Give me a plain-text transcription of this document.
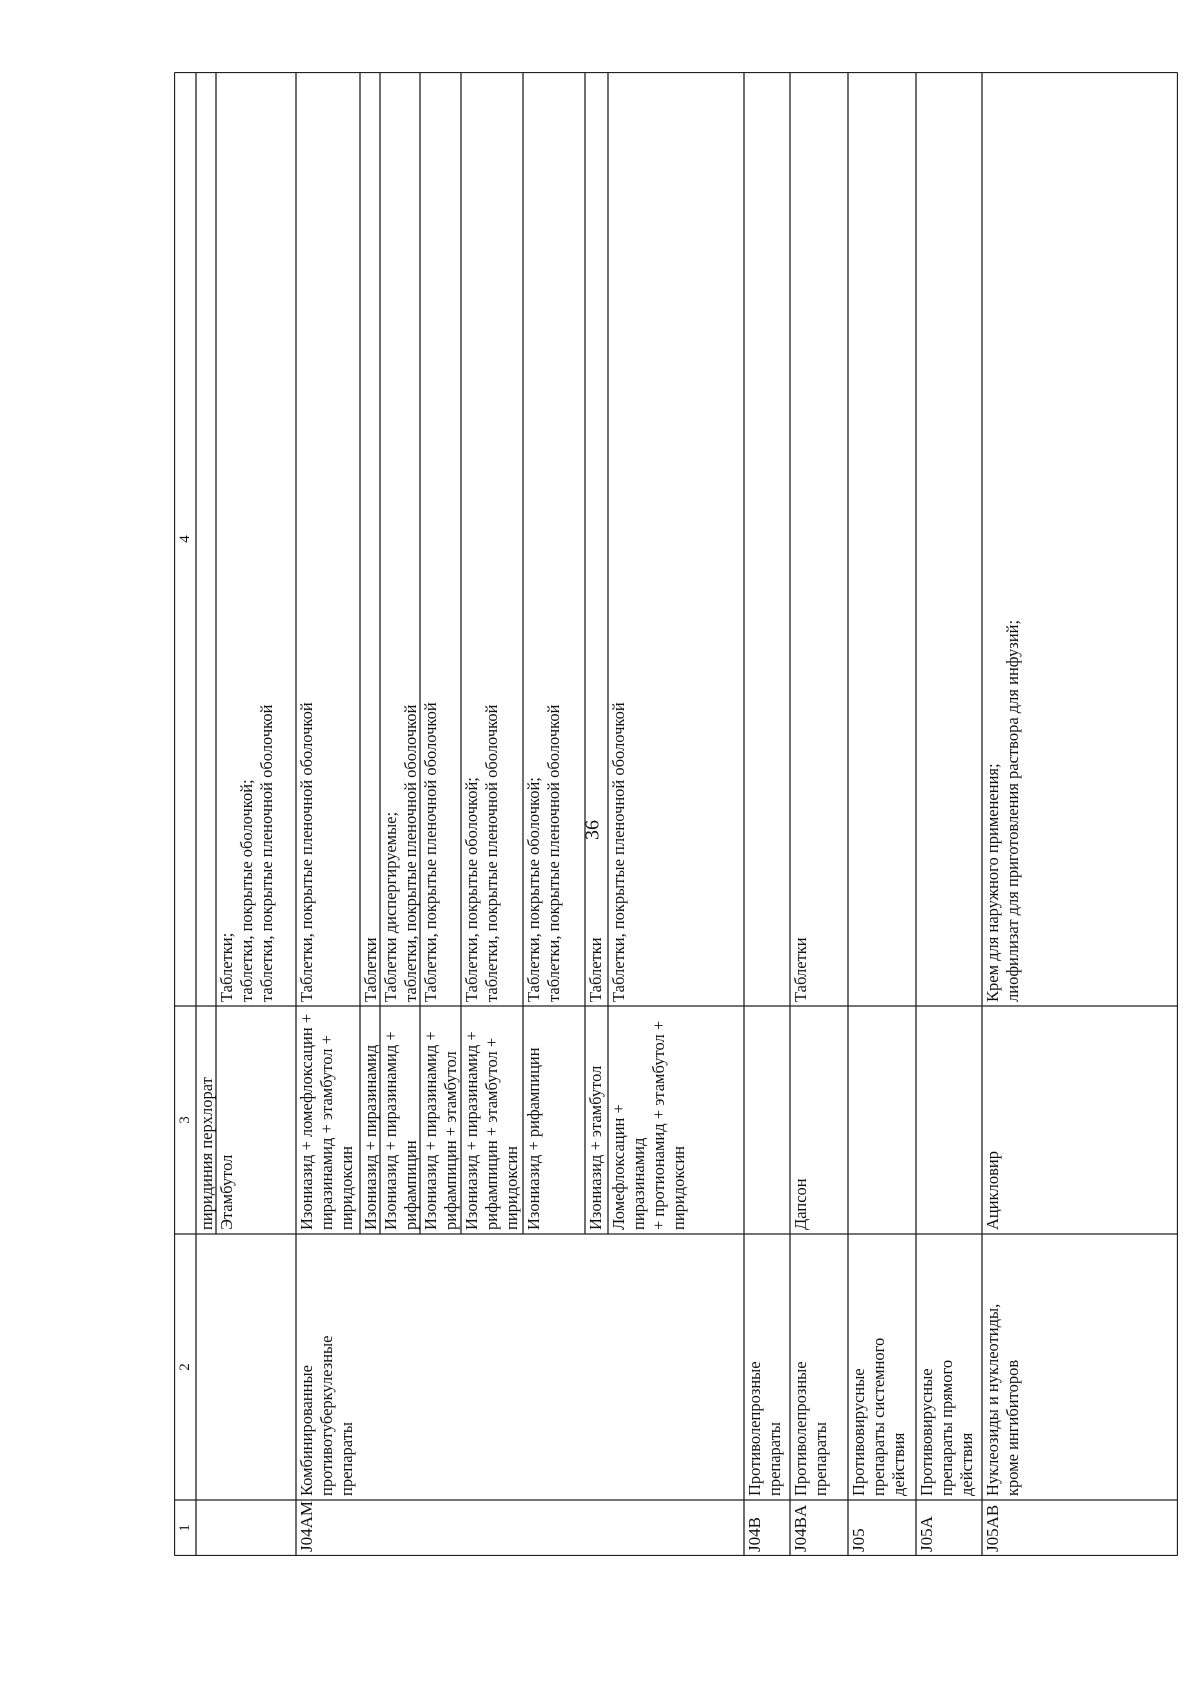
36
1
2
3
4
пиридиния перхлорат Этамбутол
Таблетки;
таблетки, покрытые оболочкой;
таблетки, покрытые пленочной оболочкой
J04AM
Комбинированные
противотуберкулезные
препараты
Изониазид + ломефлоксацин +
пиразинамид + этамбутол +
пиридоксин
Таблетки, покрытые пленочной оболочкой
Изониазид + пиразинамид
Таблетки
Изониазид + пиразинамид +
рифампицин
Таблетки диспергируемые;
таблетки, покрытые пленочной оболочкой
Изониазид + пиразинамид +
рифампицин + этамбутол
Таблетки, покрытые пленочной оболочкой
Изониазид + пиразинамид +
рифампицин + этамбутол +
пиридоксин
Таблетки, покрытые оболочкой;
таблетки, покрытые пленочной оболочкой
Изониазид + рифампицин
Таблетки, покрытые оболочкой;
таблетки, покрытые пленочной оболочкой
Изониазид + этамбутол
Таблетки
Ломефлоксацин + пиразинамид
+ протионамид + этамбутол +
пиридоксин
Таблетки, покрытые пленочной оболочкой
J04B
Противолепрозные
препараты
J04BA
Противолепрозные
препараты
Дапсон
Таблетки
J05
Противовирусные
препараты системного
действия
J05A
Противовирусные
препараты прямого
действия
J05AB
Нуклеозиды и нуклеотиды,
кроме ингибиторов
Ацикловир
Крем для наружного применения;
лиофилизат для приготовления раствора для инфузий;
